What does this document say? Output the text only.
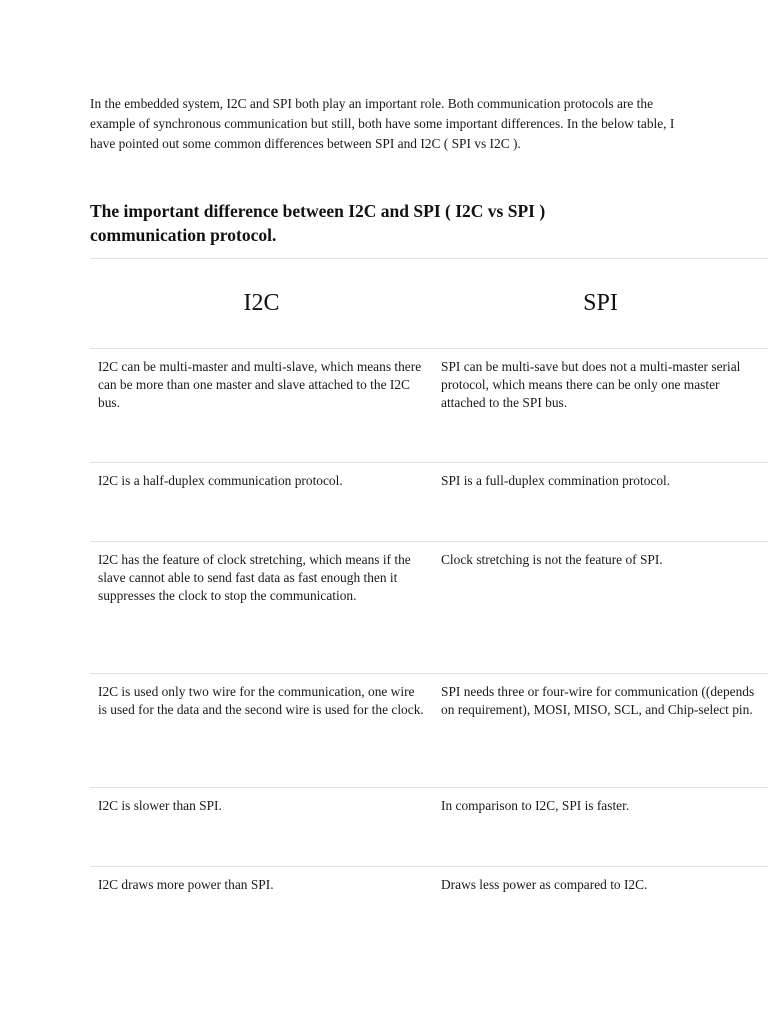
In the embedded system, I2C and SPI both play an important role. Both communication protocols are the example of synchronous communication but still, both have some important differences. In the below table, I have pointed out some common differences between SPI and I2C ( SPI vs I2C ).

The important difference between I2C and SPI ( I2C vs SPI ) communication protocol.
I2C	SPI
I2C can be multi-master and multi-slave, which means there can be more than one master and slave attached to the I2C bus.	SPI can be multi-save but does not a multi-master serial protocol, which means there can be only one master attached to the SPI bus.
I2C is a half-duplex communication protocol.	SPI is a full-duplex commination protocol.
I2C has the feature of clock stretching, which means if the slave cannot able to send fast data as fast enough then it suppresses the clock to stop the communication.	Clock stretching is not the feature of SPI.
I2C is used only two wire for the communication, one wire is used for the data and the second wire is used for the clock.	SPI needs three or four-wire for communication ((depends on requirement), MOSI, MISO, SCL, and Chip-select pin.
I2C is slower than SPI.	In comparison to I2C, SPI is faster.
I2C draws more power than SPI.	Draws less power as compared to I2C.
